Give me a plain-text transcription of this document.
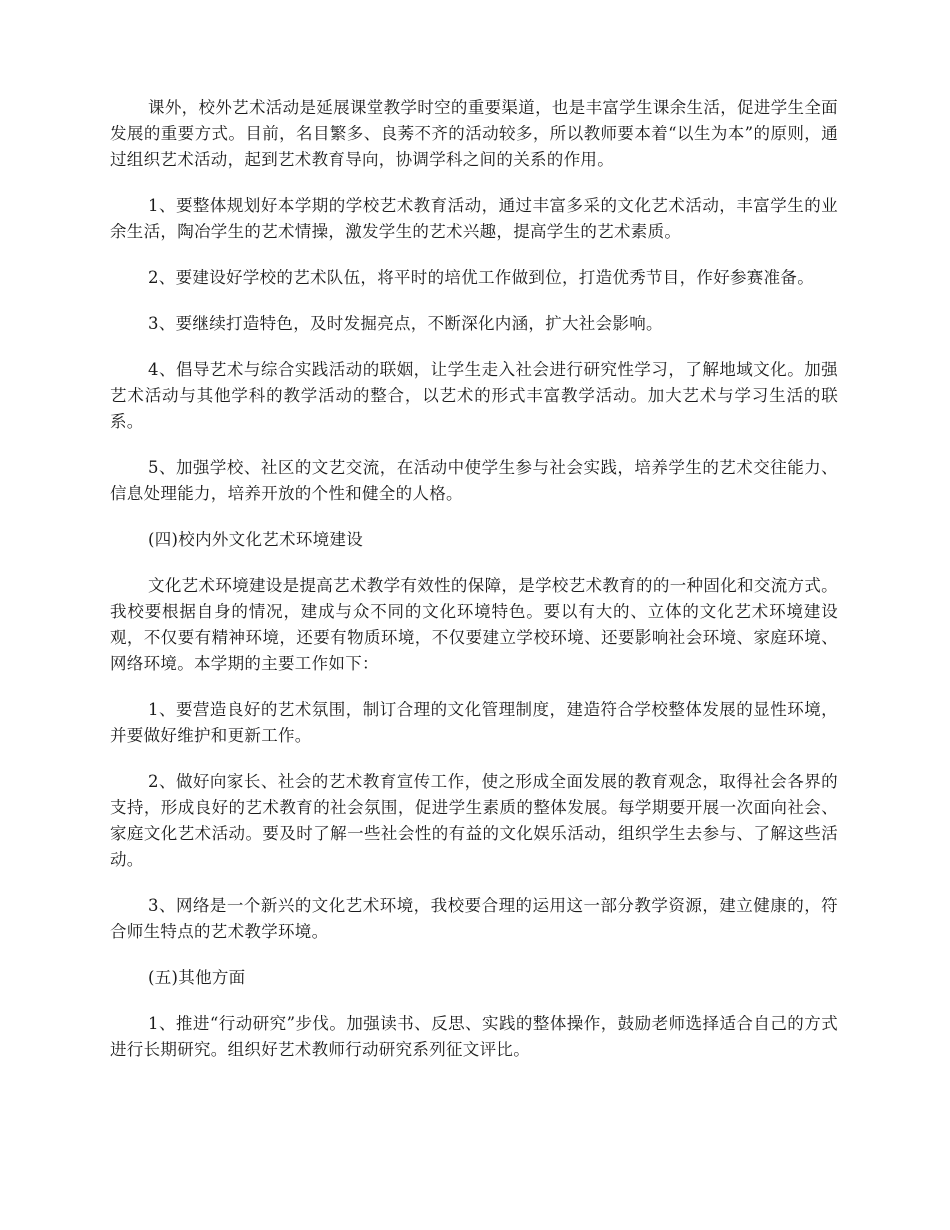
课外，校外艺术活动是延展课堂教学时空的重要渠道，也是丰富学生课余生活，促进学生全面发展的重要方式。目前，名目繁多、良莠不齐的活动较多，所以教师要本着“以生为本”的原则，通过组织艺术活动，起到艺术教育导向，协调学科之间的关系的作用。

1、要整体规划好本学期的学校艺术教育活动，通过丰富多采的文化艺术活动，丰富学生的业余生活，陶冶学生的艺术情操，激发学生的艺术兴趣，提高学生的艺术素质。

2、要建设好学校的艺术队伍，将平时的培优工作做到位，打造优秀节目，作好参赛准备。

3、要继续打造特色，及时发掘亮点，不断深化内涵，扩大社会影响。

4、倡导艺术与综合实践活动的联姻，让学生走入社会进行研究性学习，了解地域文化。加强艺术活动与其他学科的教学活动的整合，以艺术的形式丰富教学活动。加大艺术与学习生活的联系。

5、加强学校、社区的文艺交流，在活动中使学生参与社会实践，培养学生的艺术交往能力、信息处理能力，培养开放的个性和健全的人格。

(四)校内外文化艺术环境建设

文化艺术环境建设是提高艺术教学有效性的保障，是学校艺术教育的的一种固化和交流方式。我校要根据自身的情况，建成与众不同的文化环境特色。要以有大的、立体的文化艺术环境建设观，不仅要有精神环境，还要有物质环境，不仅要建立学校环境、还要影响社会环境、家庭环境、网络环境。本学期的主要工作如下：

1、要营造良好的艺术氛围，制订合理的文化管理制度，建造符合学校整体发展的显性环境，并要做好维护和更新工作。

2、做好向家长、社会的艺术教育宣传工作，使之形成全面发展的教育观念，取得社会各界的支持，形成良好的艺术教育的社会氛围，促进学生素质的整体发展。每学期要开展一次面向社会、家庭文化艺术活动。要及时了解一些社会性的有益的文化娱乐活动，组织学生去参与、了解这些活动。

3、网络是一个新兴的文化艺术环境，我校要合理的运用这一部分教学资源，建立健康的，符合师生特点的艺术教学环境。

(五)其他方面

1、推进“行动研究”步伐。加强读书、反思、实践的整体操作，鼓励老师选择适合自己的方式进行长期研究。组织好艺术教师行动研究系列征文评比。
